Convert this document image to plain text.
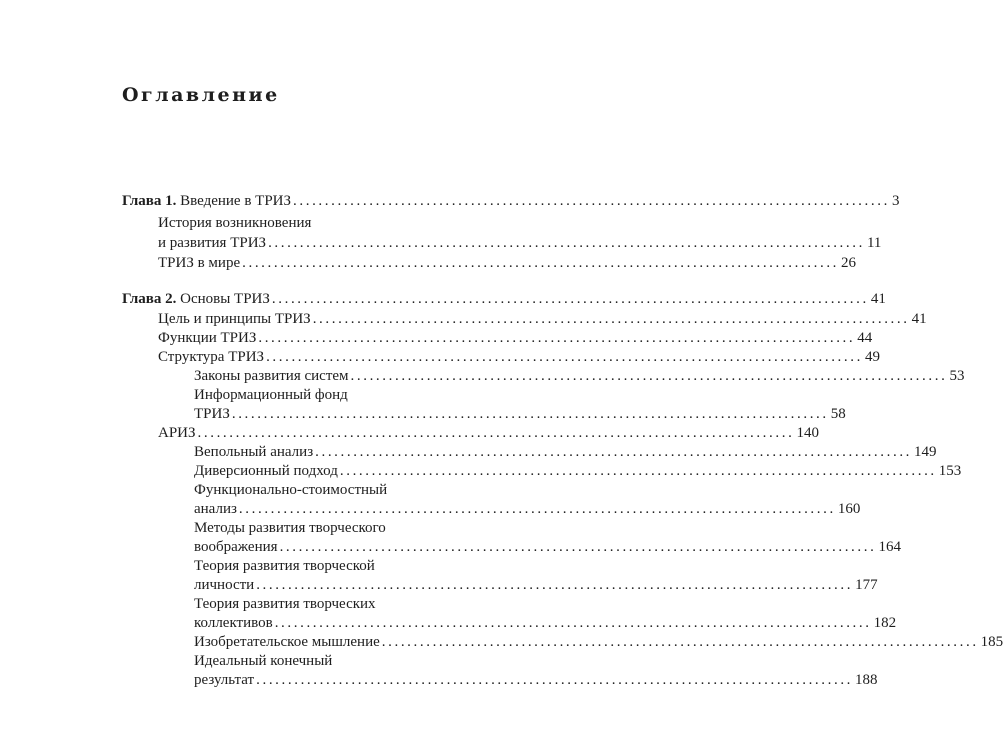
Оглавление
Глава 1. Введение в ТРИЗ .............................................................................................. 3
История возникновения
и развития ТРИЗ .............................................................................................. 11
ТРИЗ в мире .............................................................................................. 26
Глава 2. Основы ТРИЗ .............................................................................................. 41
Цель и принципы ТРИЗ .............................................................................................. 41
Функции ТРИЗ .............................................................................................. 44
Структура ТРИЗ .............................................................................................. 49
Законы развития систем .............................................................................................. 53
Информационный фонд
ТРИЗ .............................................................................................. 58
АРИЗ .............................................................................................. 140
Вепольный анализ .............................................................................................. 149
Диверсионный подход .............................................................................................. 153
Функционально-стоимостный
анализ .............................................................................................. 160
Методы развития творческого
воображения .............................................................................................. 164
Теория развития творческой
личности .............................................................................................. 177
Теория развития творческих
коллективов .............................................................................................. 182
Изобретательское мышление .............................................................................................. 185
Идеальный конечный
результат .............................................................................................. 188
